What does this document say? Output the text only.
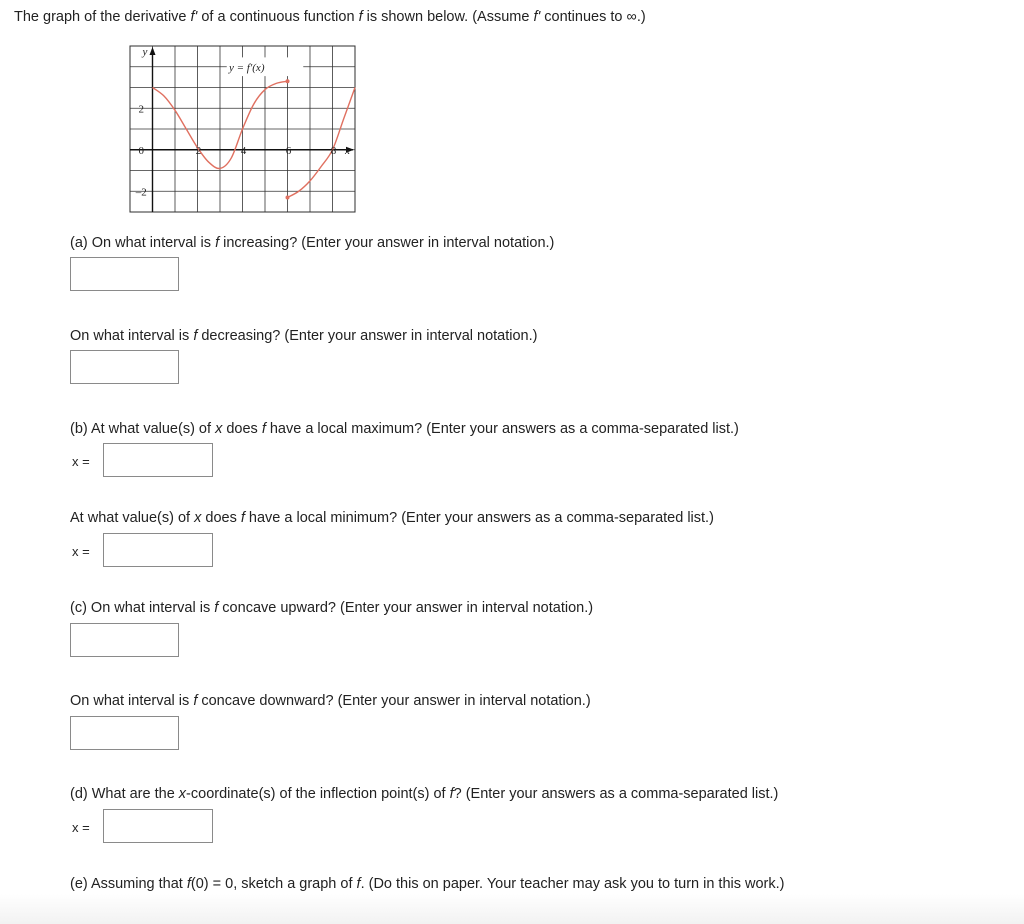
The graph of the derivative f' of a continuous function f is shown below. (Assume f' continues to ∞.)
y = f′(x)
y
x
0	2	4	6	8
2
–2
(a) On what interval is f increasing? (Enter your answer in interval notation.)
On what interval is f decreasing? (Enter your answer in interval notation.)
(b) At what value(s) of x does f have a local maximum? (Enter your answers as a comma-separated list.)
x =
At what value(s) of x does f have a local minimum? (Enter your answers as a comma-separated list.)
x =
(c) On what interval is f concave upward? (Enter your answer in interval notation.)
On what interval is f concave downward? (Enter your answer in interval notation.)
(d) What are the x-coordinate(s) of the inflection point(s) of f? (Enter your answers as a comma-separated list.)
x =
(e) Assuming that f(0) = 0, sketch a graph of f. (Do this on paper. Your teacher may ask you to turn in this work.)
